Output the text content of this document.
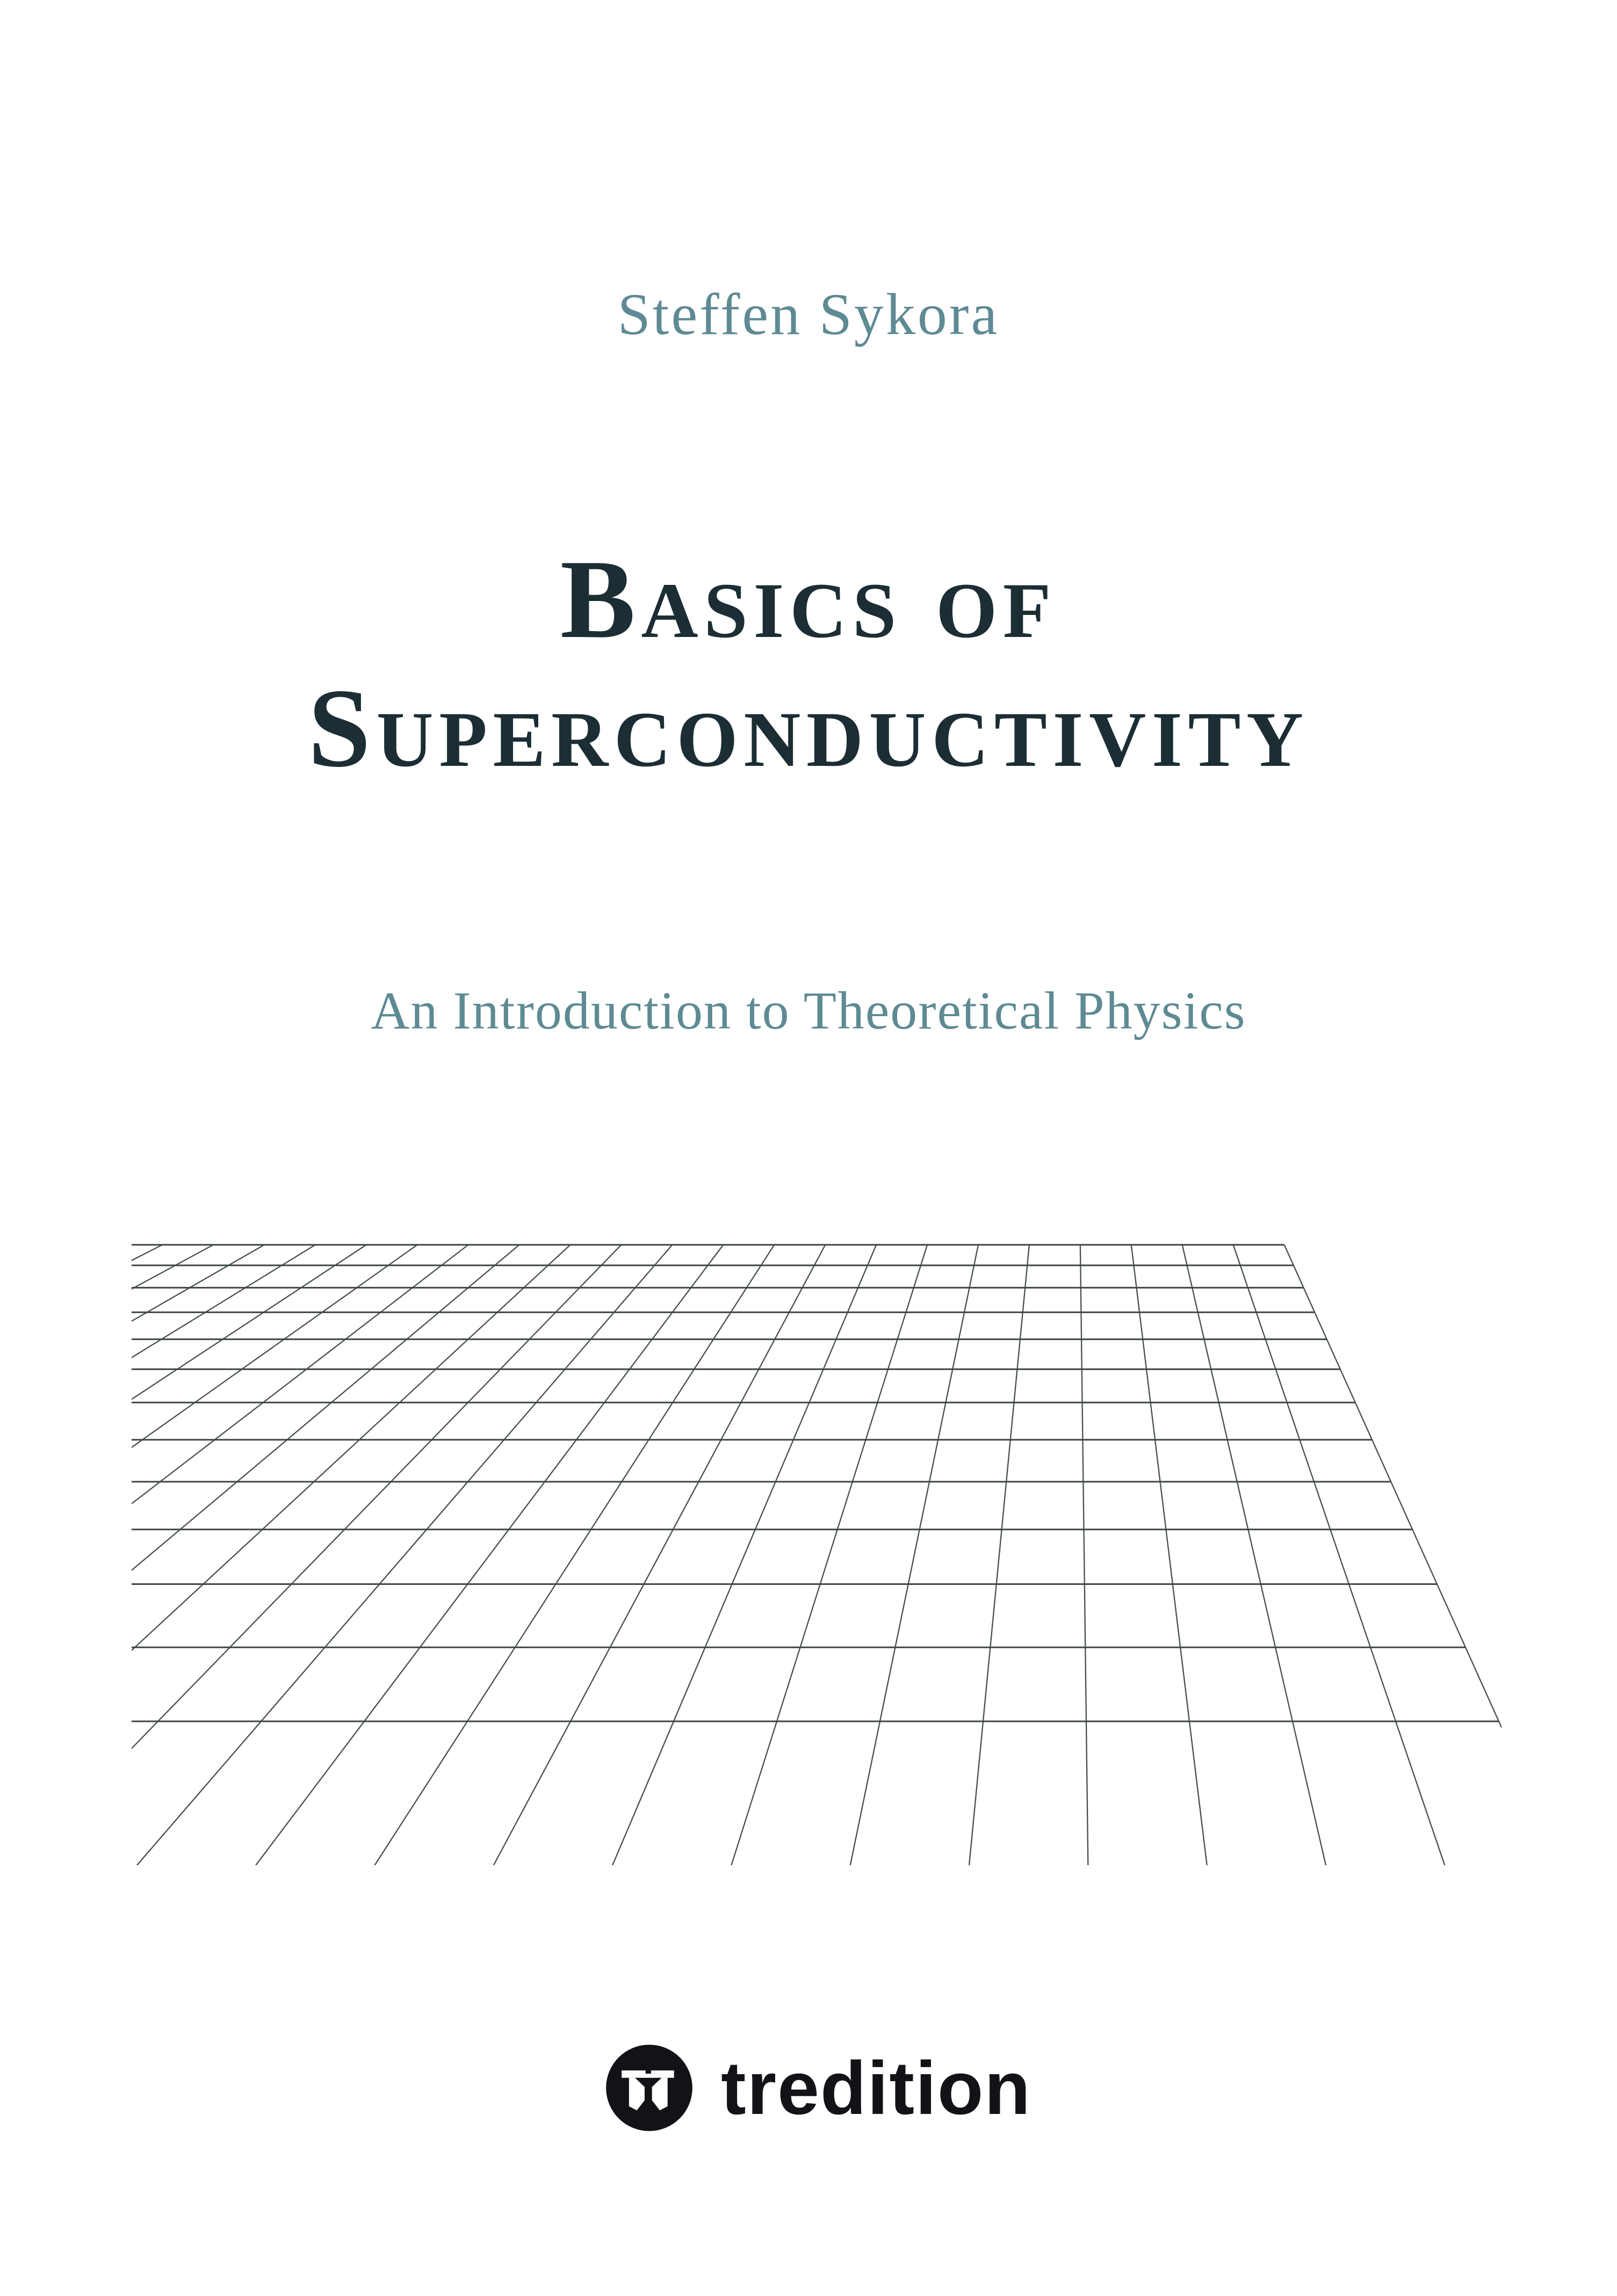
Steffen Sykora
Basics of
Superconductivity
An Introduction to Theoretical Physics
tredition
